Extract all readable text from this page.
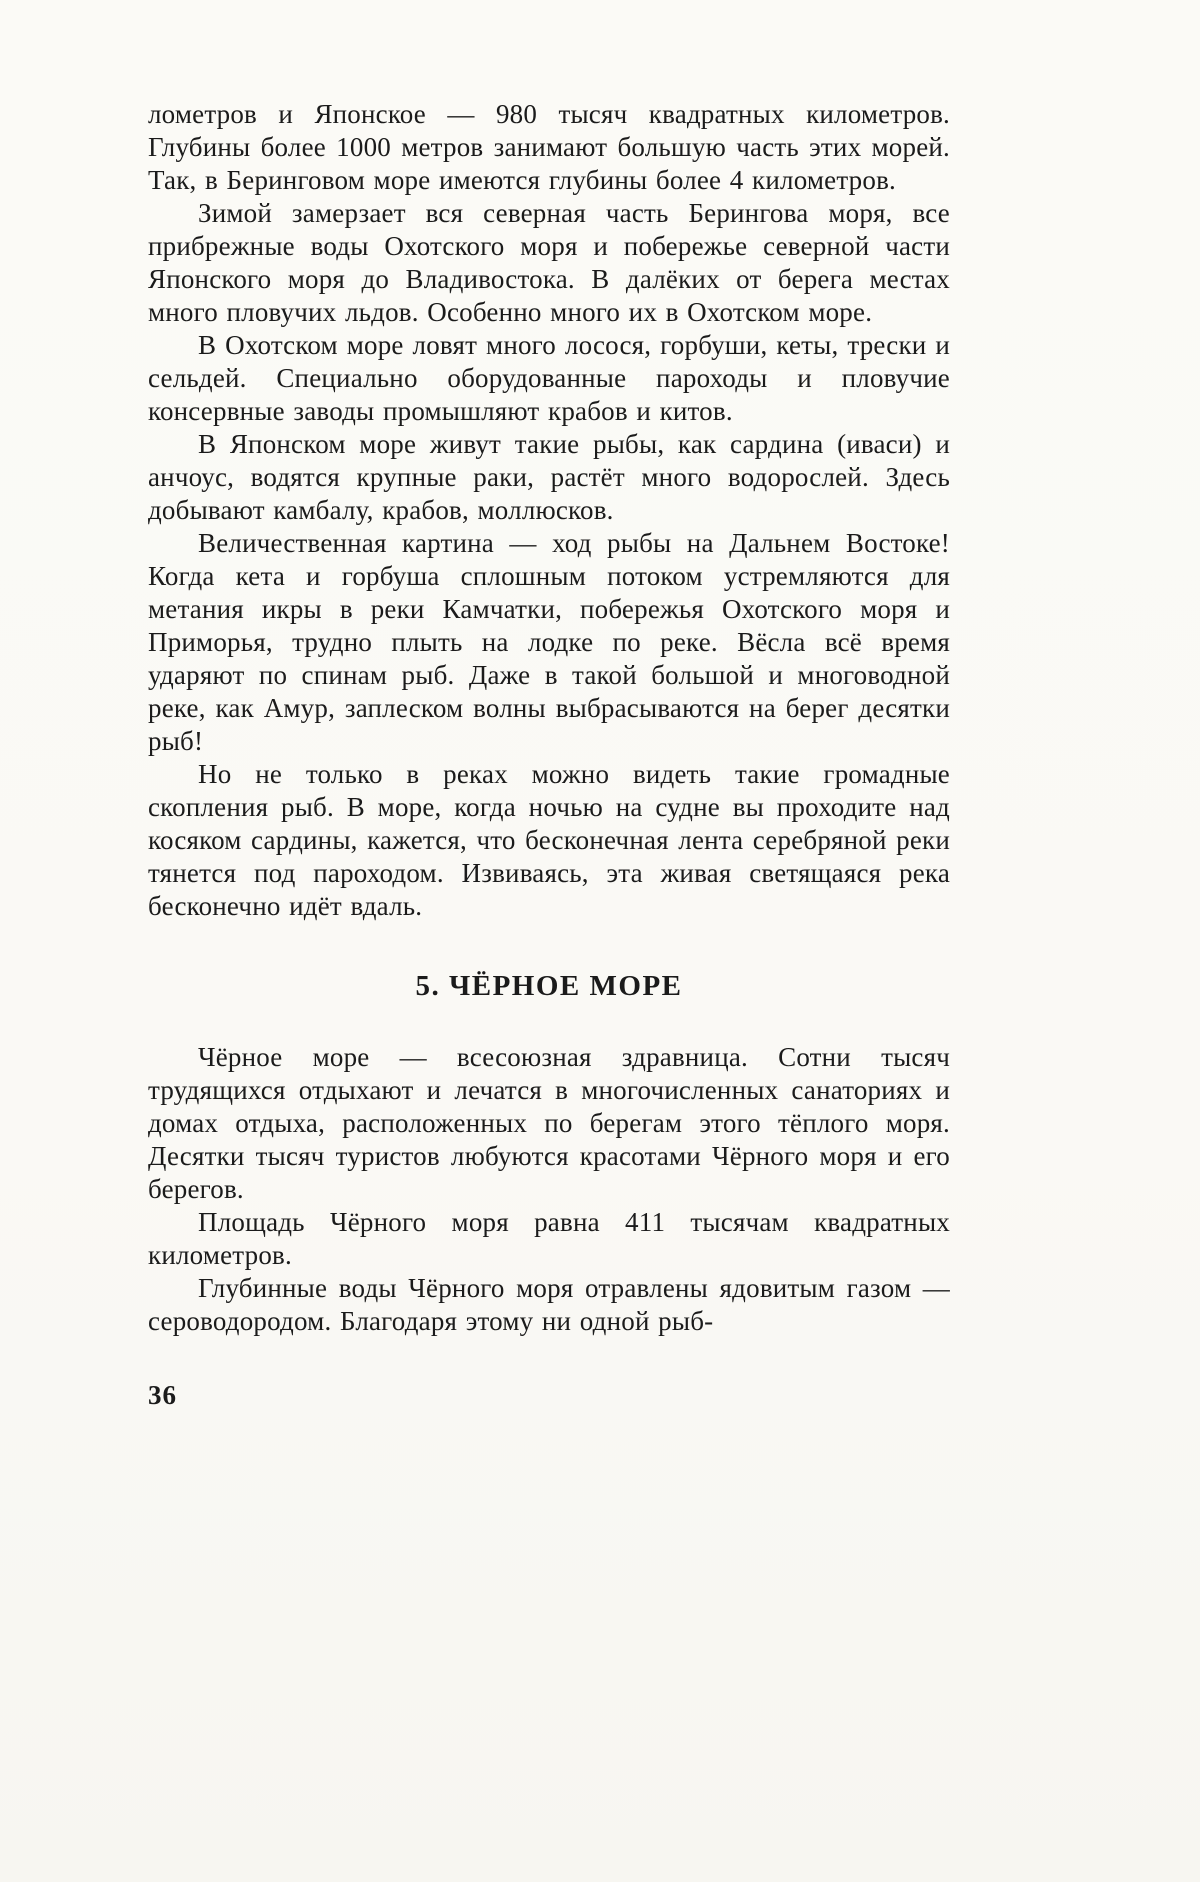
лометров и Японское — 980 тысяч квадратных километров. Глубины более 1000 метров занимают большую часть этих морей. Так, в Беринговом море имеются глубины более 4 километров.

Зимой замерзает вся северная часть Берингова моря, все прибрежные воды Охотского моря и побережье северной части Японского моря до Владивостока. В далёких от берега местах много пловучих льдов. Особенно много их в Охотском море.

В Охотском море ловят много лосося, горбуши, кеты, трески и сельдей. Специально оборудованные пароходы и пловучие консервные заводы промышляют крабов и китов.

В Японском море живут такие рыбы, как сардина (иваси) и анчоус, водятся крупные раки, растёт много водорослей. Здесь добывают камбалу, крабов, моллюсков.

Величественная картина — ход рыбы на Дальнем Востоке! Когда кета и горбуша сплошным потоком устремляются для метания икры в реки Камчатки, побережья Охотского моря и Приморья, трудно плыть на лодке по реке. Вёсла всё время ударяют по спинам рыб. Даже в такой большой и многоводной реке, как Амур, заплеском волны выбрасываются на берег десятки рыб!

Но не только в реках можно видеть такие громадные скопления рыб. В море, когда ночью на судне вы проходите над косяком сардины, кажется, что бесконечная лента серебряной реки тянется под пароходом. Извиваясь, эта живая светящаяся река бесконечно идёт вдаль.

5. ЧЁРНОЕ МОРЕ

Чёрное море — всесоюзная здравница. Сотни тысяч трудящихся отдыхают и лечатся в многочисленных санаториях и домах отдыха, расположенных по берегам этого тёплого моря. Десятки тысяч туристов любуются красотами Чёрного моря и его берегов.

Площадь Чёрного моря равна 411 тысячам квадратных километров.

Глубинные воды Чёрного моря отравлены ядовитым газом — сероводородом. Благодаря этому ни одной рыб-

36
